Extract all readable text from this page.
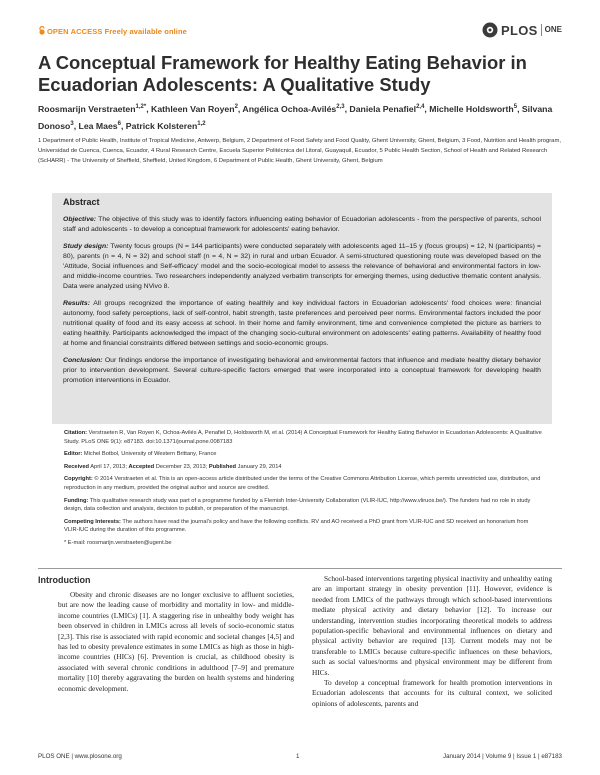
OPEN ACCESS Freely available online	PLOS ONE
A Conceptual Framework for Healthy Eating Behavior in Ecuadorian Adolescents: A Qualitative Study
Roosmarijn Verstraeten$^{1,2*}$, Kathleen Van Royen$^2$, Angélica Ochoa-Avilés$^{2,3}$, Daniela Penafiel$^{2,4}$, Michelle Holdsworth$^5$, Silvana Donoso$^3$, Lea Maes$^6$, Patrick Kolsteren$^{1,2}$
1 Department of Public Health, Institute of Tropical Medicine, Antwerp, Belgium, 2 Department of Food Safety and Food Quality, Ghent University, Ghent, Belgium, 3 Food, Nutrition and Health program, Universidad de Cuenca, Cuenca, Ecuador, 4 Rural Research Centre, Escuela Superior Politécnica del Litoral, Guayaquil, Ecuador, 5 Public Health Section, School of Health and Related Research (ScHARR) - The University of Sheffield, Sheffield, United Kingdom, 6 Department of Public Health, Ghent University, Ghent, Belgium
Abstract

Objective: The objective of this study was to identify factors influencing eating behavior of Ecuadorian adolescents - from the perspective of parents, school staff and adolescents - to develop a conceptual framework for adolescents' eating behavior.

Study design: Twenty focus groups (N = 144 participants) were conducted separately with adolescents aged 11–15 y (focus groups) = 12, N (participants) = 80), parents (n = 4, N = 32) and school staff (n = 4, N = 32) in rural and urban Ecuador. A semi-structured questioning route was developed based on the 'Attitude, Social influences and Self-efficacy' model and the socio-ecological model to assess the relevance of behavioral and environmental factors in low- and middle-income countries. Two researchers independently analyzed verbatim transcripts for emerging themes, using deductive thematic content analysis. Data were analyzed using NVivo 8.

Results: All groups recognized the importance of eating healthily and key individual factors in Ecuadorian adolescents' food choices were: financial autonomy, food safety perceptions, lack of self-control, habit strength, taste preferences and perceived peer norms. Environmental factors included the poor nutritional quality of food and its easy access at school. In their home and family environment, time and convenience completed the picture as barriers to eating healthily. Participants acknowledged the impact of the changing socio-cultural environment on adolescents' eating patterns. Availability of healthy food at home and financial constraints differed between settings and socio-economic groups.

Conclusion: Our findings endorse the importance of investigating behavioral and environmental factors that influence and mediate healthy dietary behavior prior to intervention development. Several culture-specific factors emerged that were incorporated into a conceptual framework for developing health promotion interventions in Ecuador.

Citation: Verstraeten R, Van Royen K, Ochoa-Avilés A, Penafiel D, Holdsworth M, et al. (2014) A Conceptual Framework for Healthy Eating Behavior in Ecuadorian Adolescents: A Qualitative Study. PLoS ONE 9(1): e87183. doi:10.1371/journal.pone.0087183
Editor: Michel Botbol, University of Western Brittany, France
Received April 17, 2013; Accepted December 23, 2013; Published January 29, 2014
Copyright: © 2014 Verstraeten et al. This is an open-access article distributed under the terms of the Creative Commons Attribution License, which permits unrestricted use, distribution, and reproduction in any medium, provided the original author and source are credited.
Funding: This qualitative research study was part of a programme funded by a Flemish Inter-University Collaboration (VLIR-IUC, http://www.vliruos.be/). The funders had no role in study design, data collection and analysis, decision to publish, or preparation of the manuscript.
Competing Interests: The authors have read the journal's policy and have the following conflicts. RV and AO received a PhD grant from VLIR-IUC and SD received an honorarium from VLIR-IUC during the duration of this programme.
* E-mail: roosmarijn.verstraeten@ugent.be
Introduction

Obesity and chronic diseases are no longer exclusive to affluent societies, but are now the leading cause of morbidity and mortality in low- and middle-income countries (LMICs) [1]. A staggering rise in unhealthy body weight has been observed in children in LMICs across all levels of socio-economic status [2,3]. This rise is associated with rapid economic and societal changes [4,5] and has led to obesity prevalence estimates in some LMICs as high as those in high-income countries (HICs) [6]. Prevention is crucial, as childhood obesity is associated with several chronic conditions in adulthood [7–9] and premature mortality [10] thereby aggravating the burden on health systems and hindering economic development.

School-based interventions targeting physical inactivity and unhealthy eating are an important strategy in obesity prevention [11]. However, evidence is needed from LMICs of the pathways through which school-based interventions mediate physical activity and dietary behavior [12]. To increase our understanding, intervention studies incorporating theoretical models to address population-specific behavioral and environmental influences on dietary and physical activity behavior are required [13]. Current models may not be transferable to LMICs because culture-specific influences on these behaviors, such as social values/norms and physical environment may be different from HICs.

To develop a conceptual framework for health promotion interventions in Ecuadorian adolescents that accounts for its cultural context, we solicited opinions of adolescents, parents and

PLOS ONE | www.plosone.org	1	January 2014 | Volume 9 | Issue 1 | e87183
